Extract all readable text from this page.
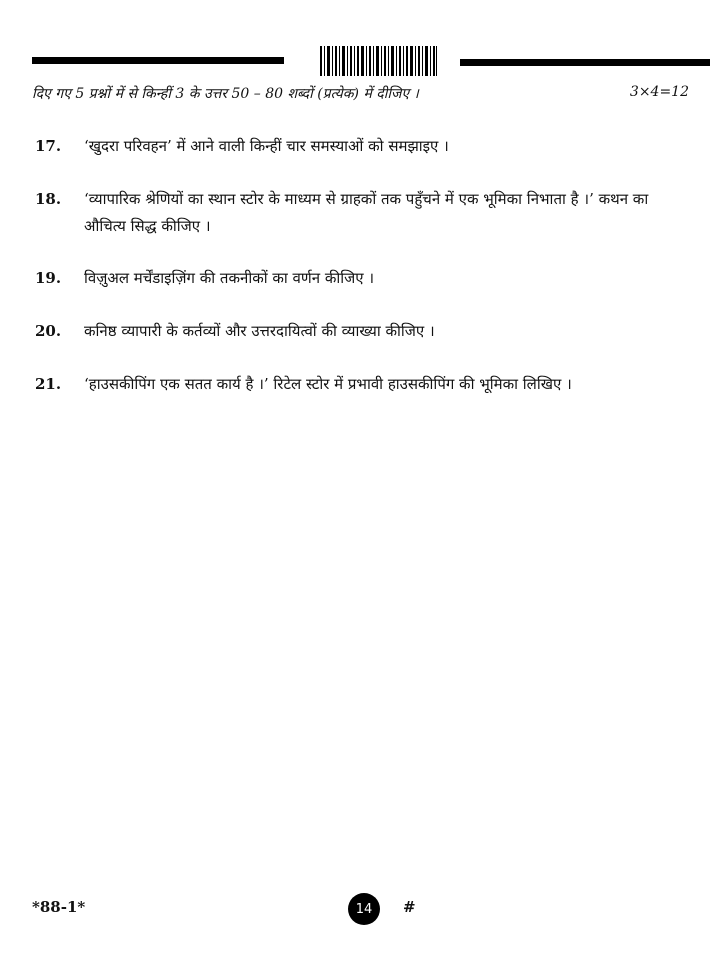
दिए गए 5 प्रश्नों में से किन्हीं 3 के उत्तर 50 – 80 शब्दों (प्रत्येक) में दीजिए ।	3×4=12
17. ‘खुदरा परिवहन’ में आने वाली किन्हीं चार समस्याओं को समझाइए ।
18. ‘व्यापारिक श्रेणियों का स्थान स्टोर के माध्यम से ग्राहकों तक पहुँचने में एक भूमिका निभाता है ।’ कथन का औचित्य सिद्ध कीजिए ।
19. विज़ुअल मर्चेंडाइज़िंग की तकनीकों का वर्णन कीजिए ।
20. कनिष्ठ व्यापारी के कर्तव्यों और उत्तरदायित्वों की व्याख्या कीजिए ।
21. ‘हाउसकीपिंग एक सतत कार्य है ।’ रिटेल स्टोर में प्रभावी हाउसकीपिंग की भूमिका लिखिए ।
*88-1*	14	#
